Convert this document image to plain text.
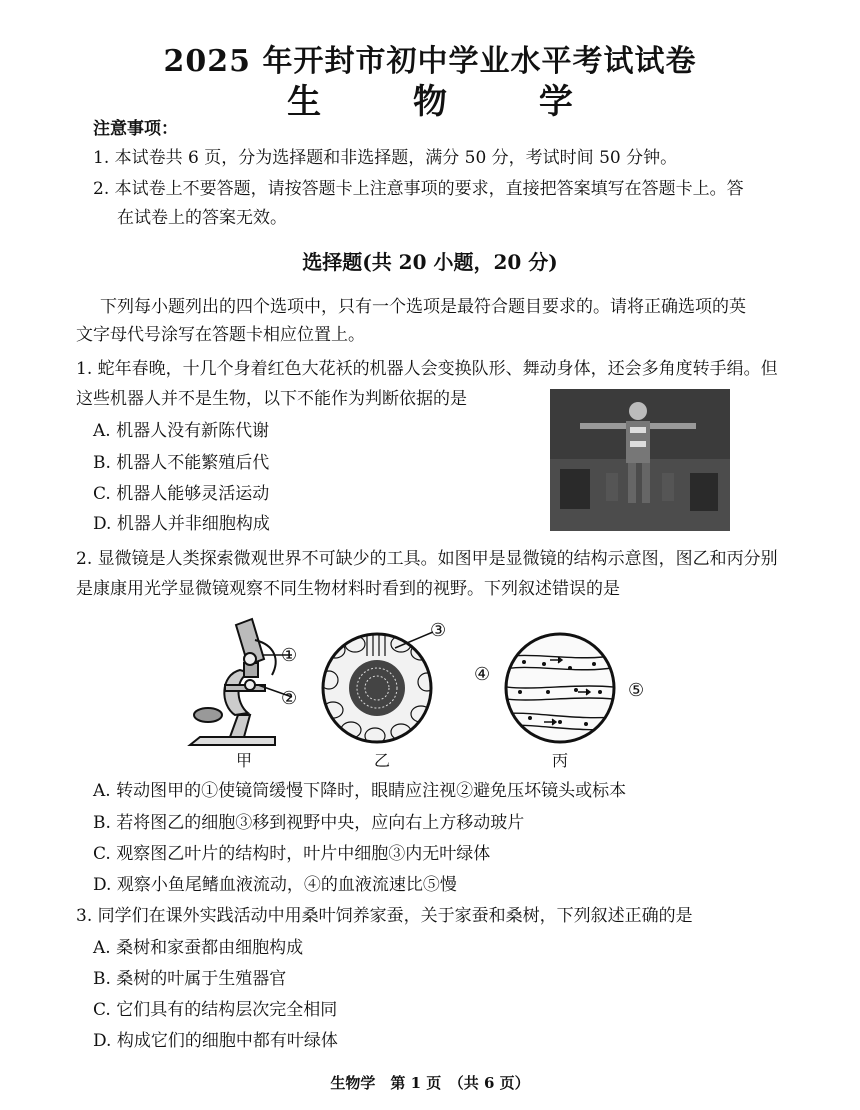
2025 年开封市初中学业水平考试试卷
生 物 学
注意事项：
1. 本试卷共 6 页，分为选择题和非选择题，满分 50 分，考试时间 50 分钟。
2. 本试卷上不要答题，请按答题卡上注意事项的要求，直接把答案填写在答题卡上。答
在试卷上的答案无效。
选择题(共 20 小题，20 分)
下列每小题列出的四个选项中，只有一个选项是最符合题目要求的。请将正确选项的英
文字母代号涂写在答题卡相应位置上。
1. 蛇年春晚，十几个身着红色大花袄的机器人会变换队形、舞动身体，还会多角度转手绢。但
这些机器人并不是生物，以下不能作为判断依据的是
A. 机器人没有新陈代谢
B. 机器人不能繁殖后代
C. 机器人能够灵活运动
D. 机器人并非细胞构成
2. 显微镜是人类探索微观世界不可缺少的工具。如图甲是显微镜的结构示意图，图乙和丙分别
是康康用光学显微镜观察不同生物材料时看到的视野。下列叙述错误的是
①
②
③
④
⑤
甲	乙	丙
A. 转动图甲的①使镜筒缓慢下降时，眼睛应注视②避免压坏镜头或标本
B. 若将图乙的细胞③移到视野中央，应向右上方移动玻片
C. 观察图乙叶片的结构时，叶片中细胞③内无叶绿体
D. 观察小鱼尾鳍血液流动，④的血液流速比⑤慢
3. 同学们在课外实践活动中用桑叶饲养家蚕，关于家蚕和桑树，下列叙述正确的是
A. 桑树和家蚕都由细胞构成
B. 桑树的叶属于生殖器官
C. 它们具有的结构层次完全相同
D. 构成它们的细胞中都有叶绿体
生物学　第 1 页　（共 6 页）
